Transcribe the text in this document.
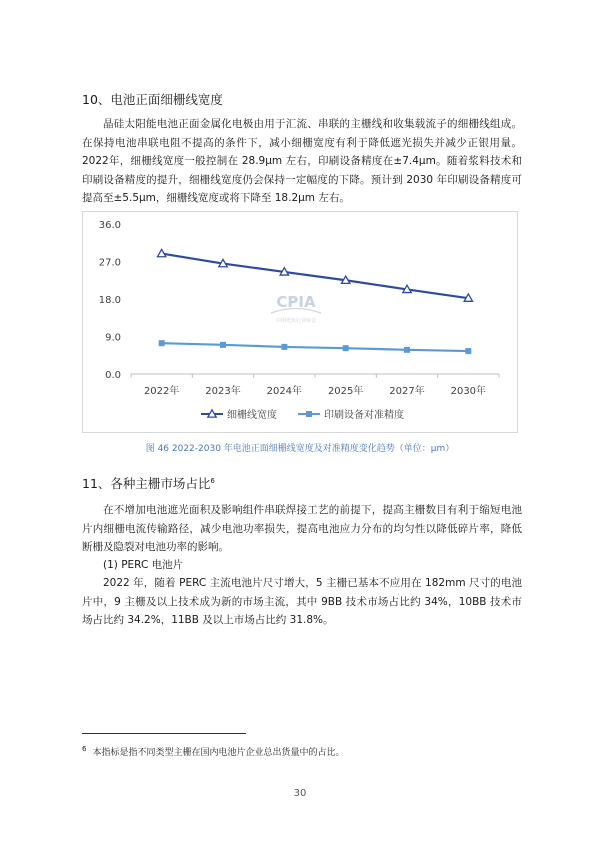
10、电池正面细栅线宽度

晶硅太阳能电池正面金属化电极由用于汇流、串联的主栅线和收集载流子的细栅线组成。在保持电池串联电阻不提高的条件下，减小细栅宽度有利于降低遮光损失并减少正银用量。2022年，细栅线宽度一般控制在 28.9μm 左右，印刷设备精度在±7.4μm。随着浆料技术和印刷设备精度的提升，细栅线宽度仍会保持一定幅度的下降。预计到 2030 年印刷设备精度可提高至±5.5μm，细栅线宽度或将下降至 18.2μm 左右。

CPIA
中国光伏行业协会
0.0
9.0
18.0
27.0
36.0
2022年	2023年	2024年	2025年	2027年	2030年
细栅线宽度	印刷设备对准精度
图 46 2022-2030 年电池正面细栅线宽度及对准精度变化趋势（单位：μm）
11、各种主栅市场占比$^6$

在不增加电池遮光面积及影响组件串联焊接工艺的前提下，提高主栅数目有利于缩短电池片内细栅电流传输路径，减少电池功率损失，提高电池应力分布的均匀性以降低碎片率，降低断栅及隐裂对电池功率的影响。

(1) PERC 电池片

2022 年，随着 PERC 主流电池片尺寸增大，5 主栅已基本不应用在 182mm 尺寸的电池片中，9 主栅及以上技术成为新的市场主流，其中 9BB 技术市场占比约 34%，10BB 技术市场占比约 34.2%，11BB 及以上市场占比约 31.8%。

$^6$ 本指标是指不同类型主栅在国内电池片企业总出货量中的占比。
30
